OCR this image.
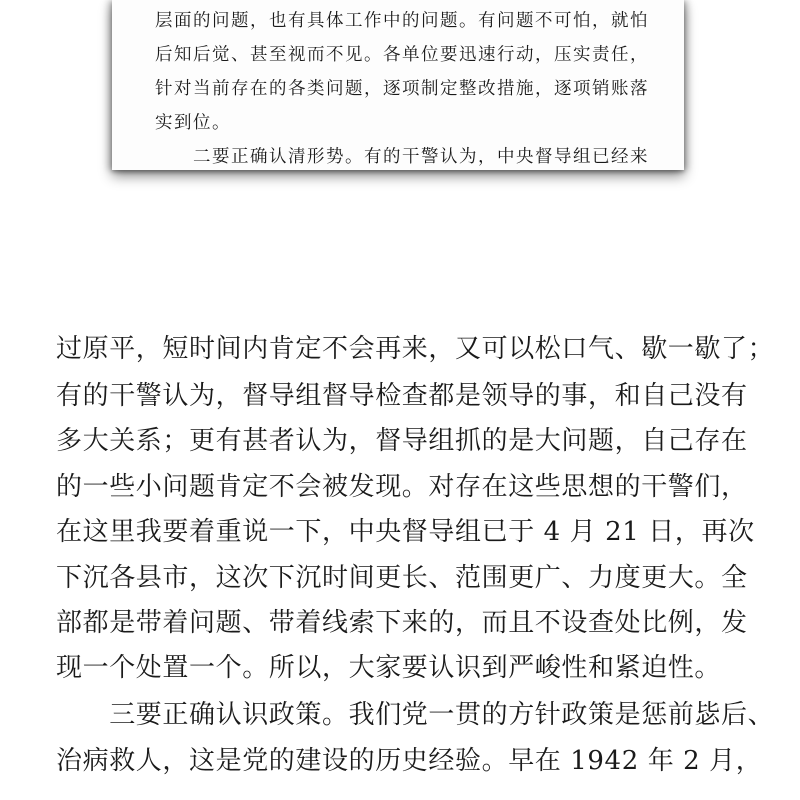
层面的问题，也有具体工作中的问题。有问题不可怕，就怕
后知后觉、甚至视而不见。各单位要迅速行动，压实责任，
针对当前存在的各类问题，逐项制定整改措施，逐项销账落
实到位。
　　二要正确认清形势。有的干警认为，中央督导组已经来
过原平，短时间内肯定不会再来，又可以松口气、歇一歇了；
有的干警认为，督导组督导检查都是领导的事，和自己没有
多大关系；更有甚者认为，督导组抓的是大问题，自己存在
的一些小问题肯定不会被发现。对存在这些思想的干警们，
在这里我要着重说一下，中央督导组已于 4 月 21 日，再次
下沉各县市，这次下沉时间更长、范围更广、力度更大。全
部都是带着问题、带着线索下来的，而且不设查处比例，发
现一个处置一个。所以，大家要认识到严峻性和紧迫性。
　　三要正确认识政策。我们党一贯的方针政策是惩前毖后、
治病救人，这是党的建设的历史经验。早在 1942 年 2 月，
